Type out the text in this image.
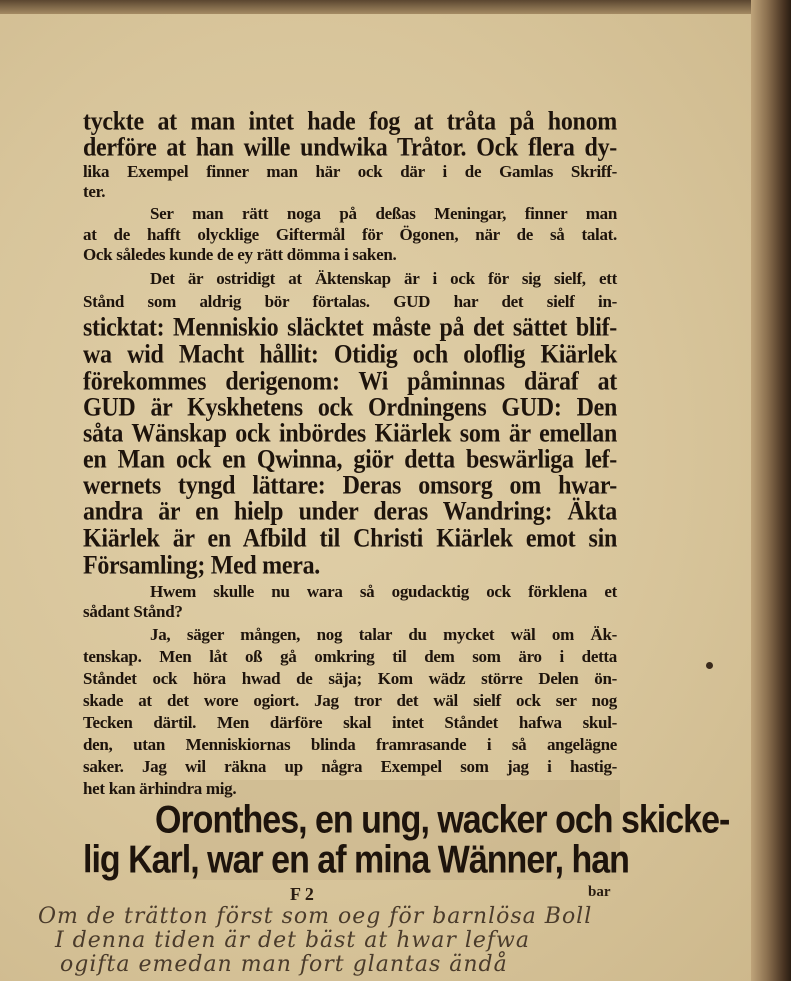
tyckte at man intet hade fog at tråta på honom
derföre at han wille undwika Tråtor. Ock flera dy-
lika Exempel finner man här ock där i de Gamlas Skriff-
ter.
Ser man rätt noga på deßas Meningar, finner man
at de hafft olycklige Giftermål för Ögonen, när de så talat.
Ock således kunde de ey rätt dömma i saken.
Det är ostridigt at Äktenskap är i ock för sig sielf, ett
Stånd som aldrig bör förtalas. GUD har det sielf in-
sticktat: Menniskio släcktet måste på det sättet blif-
wa wid Macht hållit: Otidig och oloflig Kiärlek
förekommes derigenom: Wi påminnas däraf at
GUD är Kyskhetens ock Ordningens GUD: Den
såta Wänskap ock inbördes Kiärlek som är emellan
en Man ock en Qwinna, giör detta beswärliga lef-
wernets tyngd lättare: Deras omsorg om hwar-
andra är en hielp under deras Wandring: Äkta
Kiärlek är en Afbild til Christi Kiärlek emot sin
Församling; Med mera.
Hwem skulle nu wara så ogudacktig ock förklena et
sådant Stånd?
Ja, säger mången, nog talar du mycket wäl om Äk-
tenskap. Men låt oß gå omkring til dem som äro i detta
Ståndet ock höra hwad de säja; Kom wädz större Delen ön-
skade at det wore ogiort. Jag tror det wäl sielf ock ser nog
Tecken därtil. Men därföre skal intet Ståndet hafwa skul-
den, utan Menniskiornas blinda framrasande i så angelägne
saker. Jag wil räkna up några Exempel som jag i hastig-
het kan ärhindra mig.
Oronthes, en ung, wacker och skicke-
lig Karl, war en af mina Wänner, han
F 2	bar
Om de trätton först som oeg för barnlösa Boll
I denna tiden är det bäst at hwar lefwa
ogifta emedan man fort glantas ändå
